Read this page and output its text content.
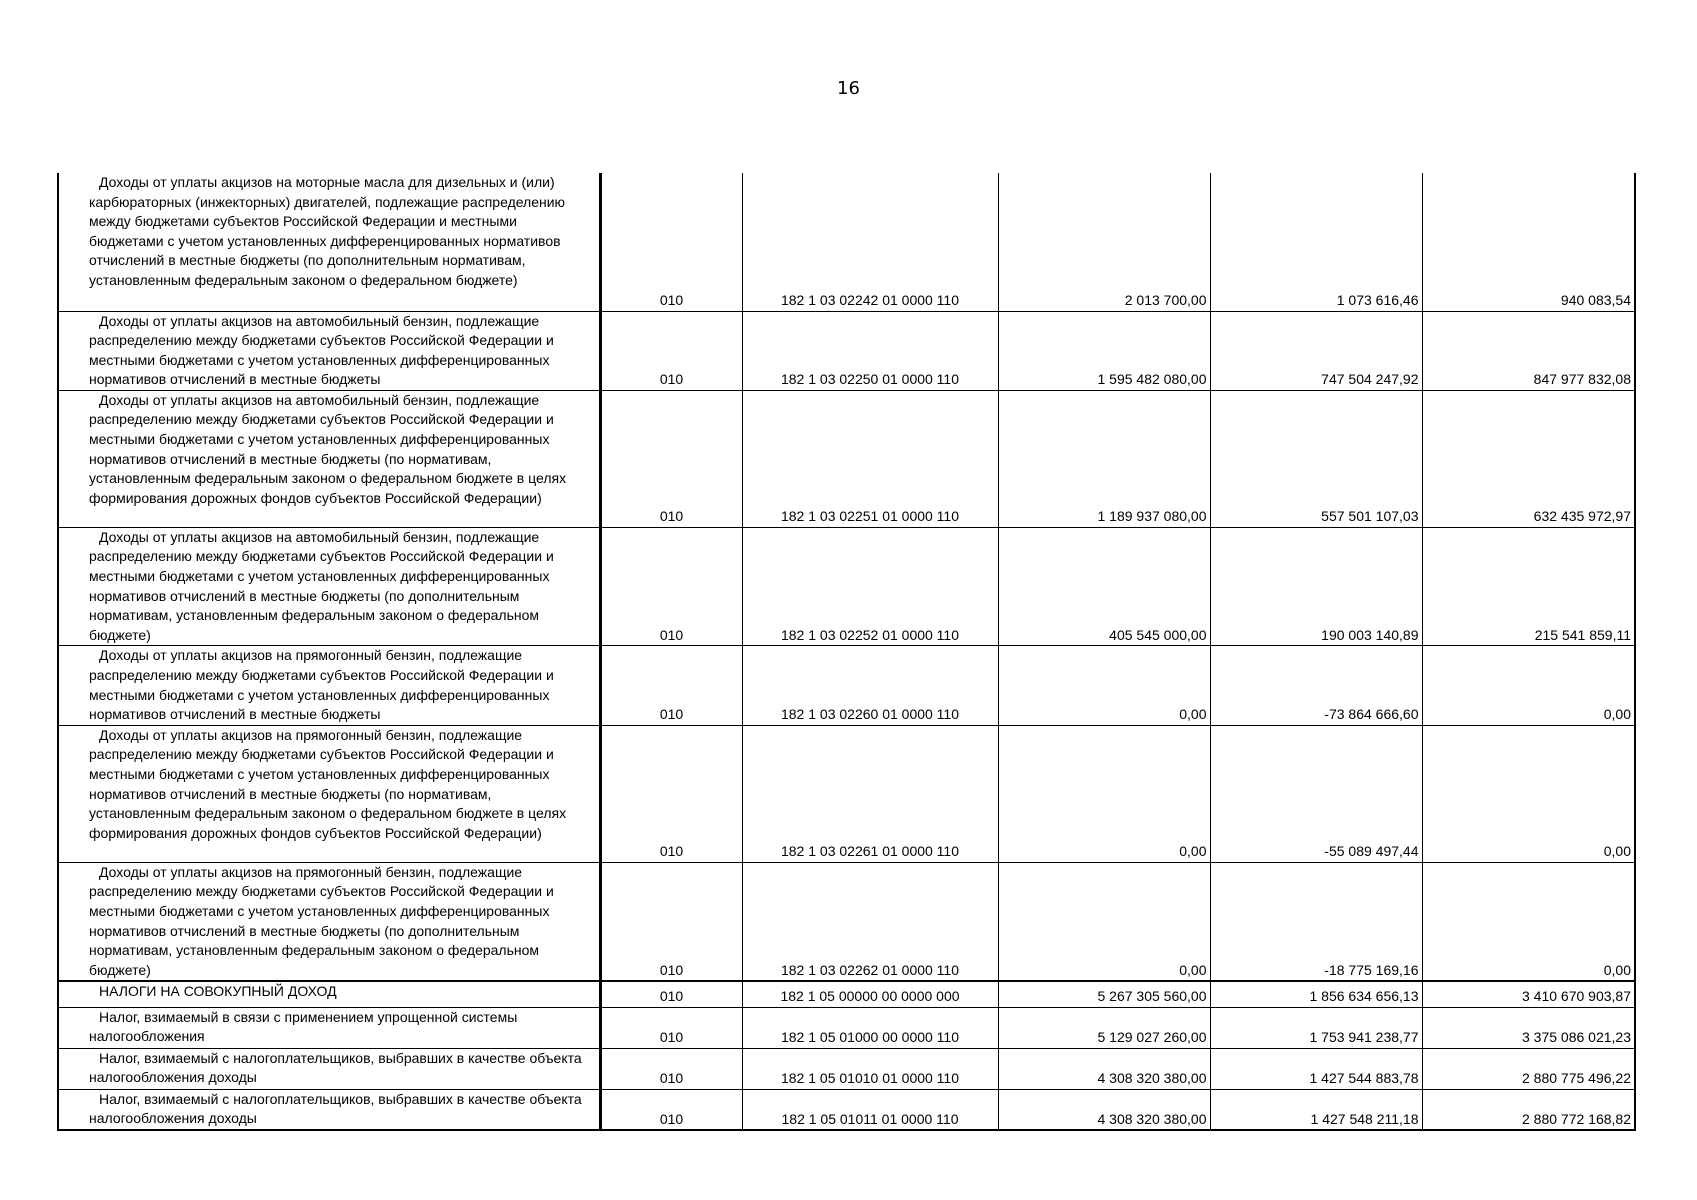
16
Доходы от уплаты акцизов на моторные масла для дизельных и (или) карбюраторных (инжекторных) двигателей, подлежащие распределению между бюджетами субъектов Российской Федерации и местными бюджетами с учетом установленных дифференцированных нормативов отчислений в местные бюджеты (по дополнительным нормативам, установленным федеральным законом о федеральном бюджете)	010	182 1 03 02242 01 0000 110	2 013 700,00	1 073 616,46	940 083,54
Доходы от уплаты акцизов на автомобильный бензин, подлежащие распределению между бюджетами субъектов Российской Федерации и местными бюджетами с учетом установленных дифференцированных нормативов отчислений в местные бюджеты	010	182 1 03 02250 01 0000 110	1 595 482 080,00	747 504 247,92	847 977 832,08
Доходы от уплаты акцизов на автомобильный бензин, подлежащие распределению между бюджетами субъектов Российской Федерации и местными бюджетами с учетом установленных дифференцированных нормативов отчислений в местные бюджеты (по нормативам, установленным федеральным законом о федеральном бюджете в целях формирования дорожных фондов субъектов Российской Федерации)	010	182 1 03 02251 01 0000 110	1 189 937 080,00	557 501 107,03	632 435 972,97
Доходы от уплаты акцизов на автомобильный бензин, подлежащие распределению между бюджетами субъектов Российской Федерации и местными бюджетами с учетом установленных дифференцированных нормативов отчислений в местные бюджеты (по дополнительным нормативам, установленным федеральным законом о федеральном бюджете)	010	182 1 03 02252 01 0000 110	405 545 000,00	190 003 140,89	215 541 859,11
Доходы от уплаты акцизов на прямогонный бензин, подлежащие распределению между бюджетами субъектов Российской Федерации и местными бюджетами с учетом установленных дифференцированных нормативов отчислений в местные бюджеты	010	182 1 03 02260 01 0000 110	0,00	-73 864 666,60	0,00
Доходы от уплаты акцизов на прямогонный бензин, подлежащие распределению между бюджетами субъектов Российской Федерации и местными бюджетами с учетом установленных дифференцированных нормативов отчислений в местные бюджеты (по нормативам, установленным федеральным законом о федеральном бюджете в целях формирования дорожных фондов субъектов Российской Федерации)	010	182 1 03 02261 01 0000 110	0,00	-55 089 497,44	0,00
Доходы от уплаты акцизов на прямогонный бензин, подлежащие распределению между бюджетами субъектов Российской Федерации и местными бюджетами с учетом установленных дифференцированных нормативов отчислений в местные бюджеты (по дополнительным нормативам, установленным федеральным законом о федеральном бюджете)	010	182 1 03 02262 01 0000 110	0,00	-18 775 169,16	0,00
НАЛОГИ НА СОВОКУПНЫЙ ДОХОД	010	182 1 05 00000 00 0000 000	5 267 305 560,00	1 856 634 656,13	3 410 670 903,87
Налог, взимаемый в связи с применением упрощенной системы налогообложения	010	182 1 05 01000 00 0000 110	5 129 027 260,00	1 753 941 238,77	3 375 086 021,23
Налог, взимаемый с налогоплательщиков, выбравших в качестве объекта налогообложения доходы	010	182 1 05 01010 01 0000 110	4 308 320 380,00	1 427 544 883,78	2 880 775 496,22
Налог, взимаемый с налогоплательщиков, выбравших в качестве объекта налогообложения доходы	010	182 1 05 01011 01 0000 110	4 308 320 380,00	1 427 548 211,18	2 880 772 168,82
